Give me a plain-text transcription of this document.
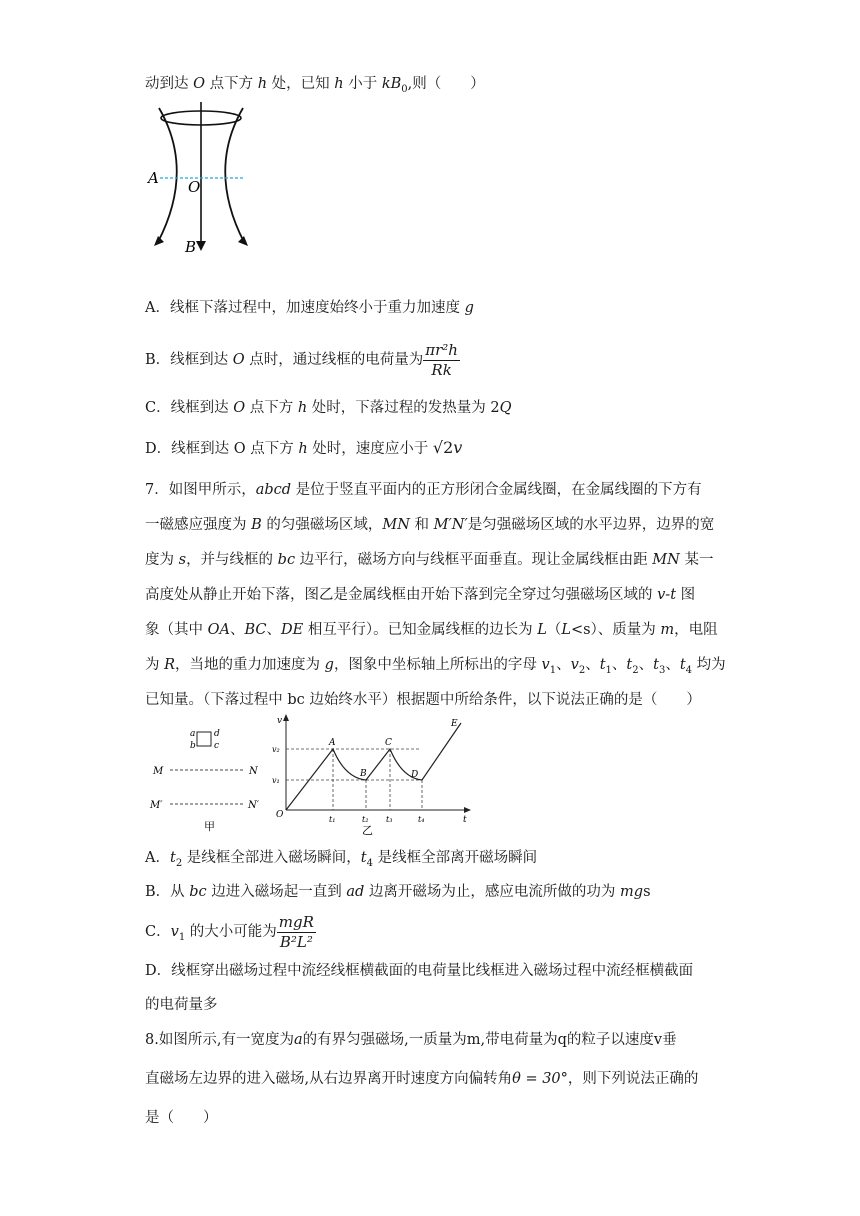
动到达 O 点下方 h 处，已知 h 小于 $kB_0$,则（　　）
A O
B
A．线框下落过程中，加速度始终小于重力加速度 g
B．线框到达 O 点时，通过线框的电荷量为 $\frac{\text{πr²h}}{Rk}$
C．线框到达 O 点下方 h 处时，下落过程的发热量为 2Q
D．线框到达 O 点下方 h 处时，速度应小于 √2v
7．如图甲所示，abcd 是位于竖直平面内的正方形闭合金属线圈，在金属线圈的下方有
一磁感应强度为 B 的匀强磁场区域，MN 和 M′N′是匀强磁场区域的水平边界，边界的宽
度为 s，并与线框的 bc 边平行，磁场方向与线框平面垂直。现让金属线框由距 MN 某一
高度处从静止开始下落，图乙是金属线框由开始下落到完全穿过匀强磁场区域的 v-t 图
象（其中 OA、BC、DE 相互平行）。已知金属线框的边长为 L（L<s）、质量为 m，电阻
为 R，当地的重力加速度为 g，图象中坐标轴上所标出的字母 $v_1$、$v_2$、$t_1$、$t_2$、$t_3$、$t_4$ 均为
已知量。（下落过程中 bc 边始终水平）根据题中所给条件，以下说法正确的是（　　）
a d
b c
M	N
M′	N′
甲
v
t
O
v₂
v₁
A
B
C
D
E
t₁	t₂ t₃	t₄
乙
A．$t_2$ 是线框全部进入磁场瞬间，$t_4$ 是线框全部离开磁场瞬间
B．从 bc 边进入磁场起一直到 ad 边离开磁场为止，感应电流所做的功为 mgs
C．$v_1$ 的大小可能为 $\frac{\text{mgR}}{\text{B²L²}}$
D．线框穿出磁场过程中流经线框横截面的电荷量比线框进入磁场过程中流经框横截面
的电荷量多
8.如图所示,有一宽度为a的有界匀强磁场,一质量为m,带电荷量为q的粒子以速度v垂
直磁场左边界的进入磁场,从右边界离开时速度方向偏转角θ = 30°，则下列说法正确的
是（　　）
